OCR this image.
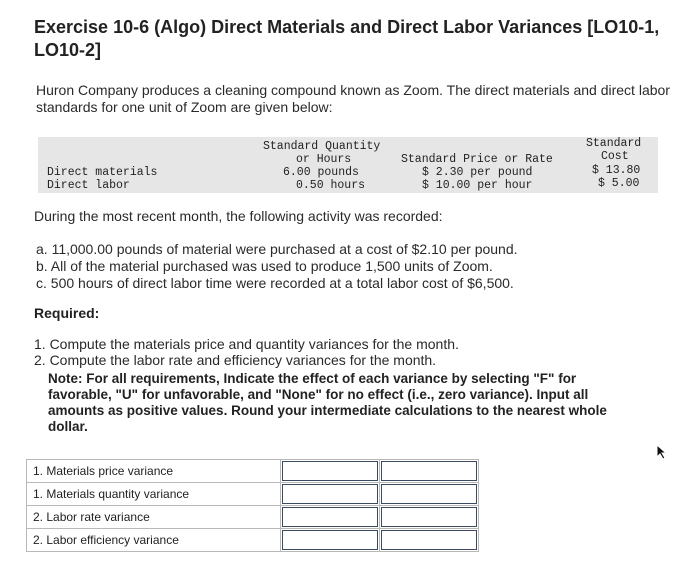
Exercise 10-6 (Algo) Direct Materials and Direct Labor Variances [LO10-1, LO10-2]
Huron Company produces a cleaning compound known as Zoom. The direct materials and direct labor standards for one unit of Zoom are given below:
Standard Quantity
or Hours	Standard Price or Rate
Standard
Cost
Direct materials	6.00 pounds	$ 2.30 per pound	$ 13.80
Direct labor	0.50 hours	$ 10.00 per hour	$ 5.00
During the most recent month, the following activity was recorded:
a. 11,000.00 pounds of material were purchased at a cost of $2.10 per pound.
b. All of the material purchased was used to produce 1,500 units of Zoom.
c. 500 hours of direct labor time were recorded at a total labor cost of $6,500.
Required:
1. Compute the materials price and quantity variances for the month.
2. Compute the labor rate and efficiency variances for the month.
Note: For all requirements, Indicate the effect of each variance by selecting "F" for favorable, "U" for unfavorable, and "None" for no effect (i.e., zero variance). Input all amounts as positive values. Round your intermediate calculations to the nearest whole dollar.
1. Materials price variance	

1. Materials quantity variance	

2. Labor rate variance	

2. Labor efficiency variance	
